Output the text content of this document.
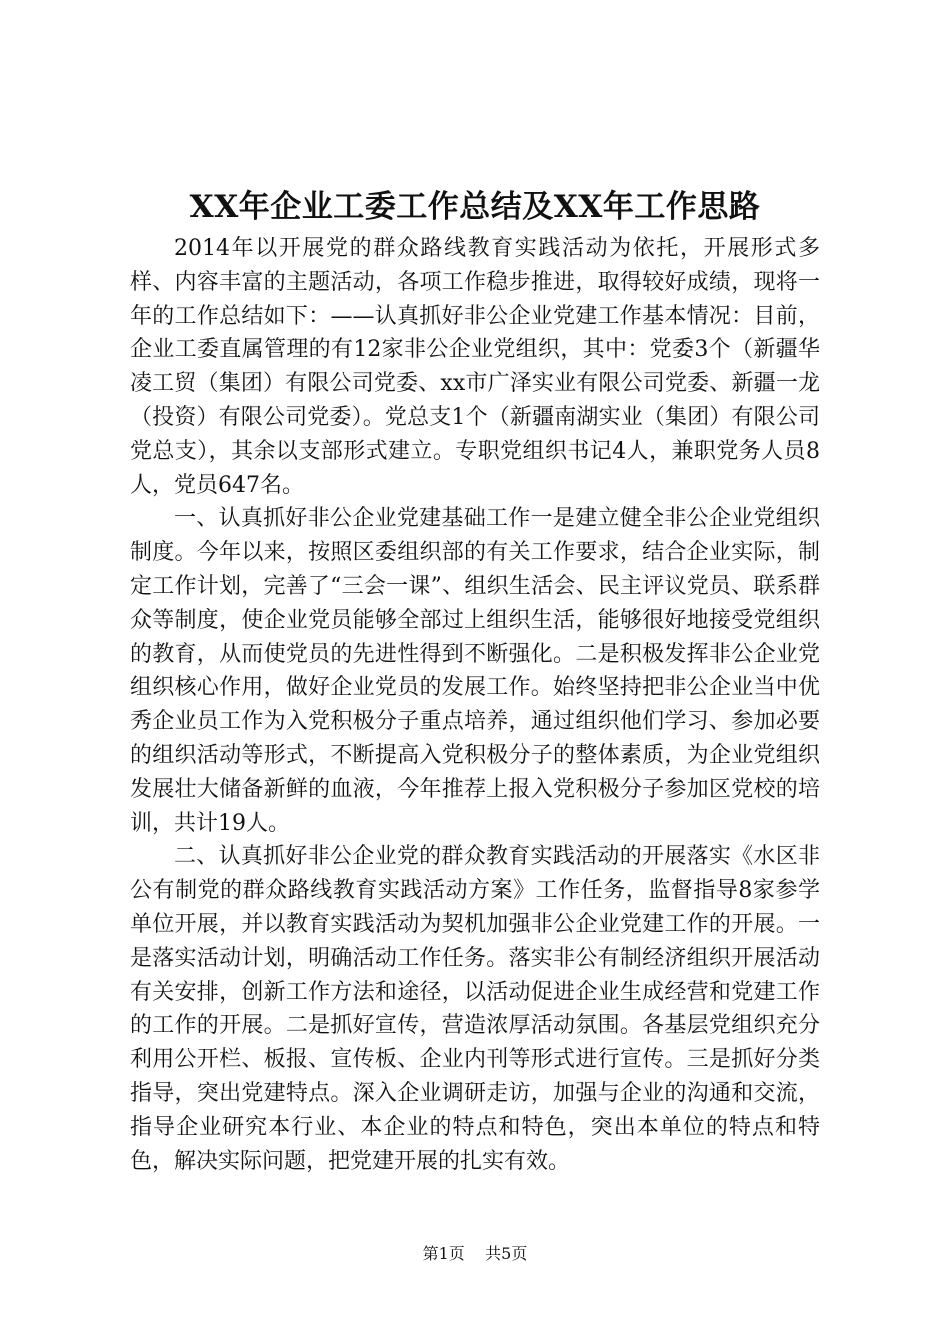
XX年企业工委工作总结及XX年工作思路

2014年以开展党的群众路线教育实践活动为依托，开展形式多样、内容丰富的主题活动，各项工作稳步推进，取得较好成绩，现将一年的工作总结如下：——认真抓好非公企业党建工作基本情况：目前，企业工委直属管理的有12家非公企业党组织，其中：党委3个（新疆华凌工贸（集团）有限公司党委、xx市广泽实业有限公司党委、新疆一龙（投资）有限公司党委）。党总支1个（新疆南湖实业（集团）有限公司党总支），其余以支部形式建立。专职党组织书记4人，兼职党务人员8人，党员647名。

一、认真抓好非公企业党建基础工作一是建立健全非公企业党组织制度。今年以来，按照区委组织部的有关工作要求，结合企业实际，制定工作计划，完善了“三会一课”、组织生活会、民主评议党员、联系群众等制度，使企业党员能够全部过上组织生活，能够很好地接受党组织的教育，从而使党员的先进性得到不断强化。二是积极发挥非公企业党组织核心作用，做好企业党员的发展工作。始终坚持把非公企业当中优秀企业员工作为入党积极分子重点培养，通过组织他们学习、参加必要的组织活动等形式，不断提高入党积极分子的整体素质，为企业党组织发展壮大储备新鲜的血液，今年推荐上报入党积极分子参加区党校的培训，共计19人。

二、认真抓好非公企业党的群众教育实践活动的开展落实《水区非公有制党的群众路线教育实践活动方案》工作任务，监督指导8家参学单位开展，并以教育实践活动为契机加强非公企业党建工作的开展。一是落实活动计划，明确活动工作任务。落实非公有制经济组织开展活动有关安排，创新工作方法和途径，以活动促进企业生成经营和党建工作的工作的开展。二是抓好宣传，营造浓厚活动氛围。各基层党组织充分利用公开栏、板报、宣传板、企业内刊等形式进行宣传。三是抓好分类指导，突出党建特点。深入企业调研走访，加强与企业的沟通和交流，指导企业研究本行业、本企业的特点和特色，突出本单位的特点和特色，解决实际问题，把党建开展的扎实有效。

第1页 共5页
